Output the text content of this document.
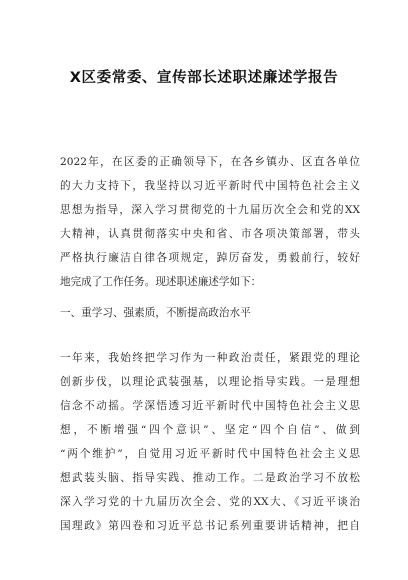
X区委常委、宣传部长述职述廉述学报告
2022年，在区委的正确领导下，在各乡镇办、区直各单位
的大力支持下，我坚持以习近平新时代中国特色社会主义
思想为指导，深入学习贯彻党的十九届历次全会和党的XX
大精神，认真贯彻落实中央和省、市各项决策部署，带头
严格执行廉洁自律各项规定，踔厉奋发，勇毅前行，较好
地完成了工作任务。现述职述廉述学如下：
一、重学习、强素质，不断提高政治水平
一年来，我始终把学习作为一种政治责任，紧跟党的理论
创新步伐，以理论武装强基，以理论指导实践。一是理想
信念不动摇。学深悟透习近平新时代中国特色社会主义思
想，不断增强“四个意识”、坚定“四个自信”、做到
“两个维护”，自觉用习近平新时代中国特色社会主义思
想武装头脑、指导实践、推动工作。二是政治学习不放松
深入学习党的十九届历次全会、党的XX大、《习近平谈治
国理政》第四卷和习近平总书记系列重要讲话精神，把自
